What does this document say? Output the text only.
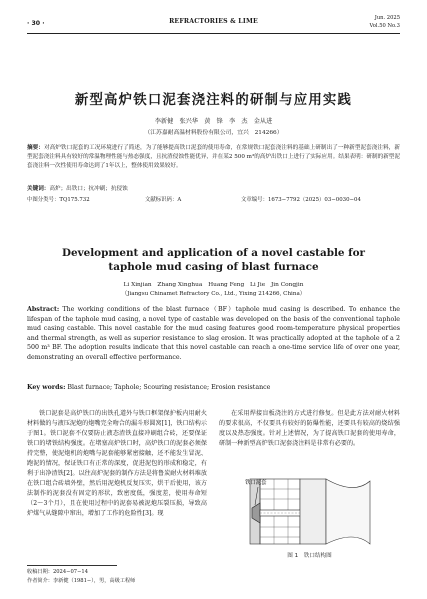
· 30 ·	REFRACTORIES & LIME	Jun. 2025
Vol.50 No.3
新型高炉铁口泥套浇注料的研制与应用实践
李新健　张兴华　黄　锋　李　杰　金从进
（江苏嘉耐高温材料股份有限公司，宜兴　214266）
摘要：对高炉铁口泥套的工况环境进行了简述，为了能够提高铁口泥套的使用寿命，在常规铁口泥套浇注料的基础上研制出了一种新型泥套浇注料，新型泥套浇注料具有较好的常温物理性能与热态强度，且抗渣侵蚀性能优异，并在某2 500 m³的高炉出铁口上进行了实际应用。结果表明：研制的新型泥套浇注料一次性使用寿命达到了1年以上，整体使用效果较好。
关键词：高炉；出铁口；抗冲刷；抗侵蚀
中图分类号：TQ175.732	文献标识码：A	文章编号：1673−7792（2025）03−0030−04
Development and application of a novel castable for
taphole mud casing of blast furnace
Li Xinjian　Zhang Xinghua　Huang Feng　Li Jie　Jin Congjin
（Jiangsu Chinamet Refractory Co., Ltd., Yixing 214266, China）
Abstract: The working conditions of the blast furnace（BF）taphole mud casing is described. To enhance the lifespan of the taphole mud casing, a novel type of castable was developed on the basis of the conventional taphole mud casing castable. This novel castable for the mud casing features good room-temperature physical properties and thermal strength, as well as superior resistance to slag erosion. It was practically adopted at the taphole of a 2 500 m³ BF. The adoption results indicate that this novel castable can reach a one-time service life of over one year, demonstrating an overall effective performance.
Key words: Blast furnace; Taphole; Scouring resistance; Erosion resistance

铁口泥套是高炉铁口的出铁孔道外与铁口框架保护板内用耐火材料做的与液压泥炮的炮嘴完全吻合的漏斗形圆窝[1]，铁口结构示于图1。铁口泥套不仅要防止液态渣铁直接冲刷组合砖，还要保证铁口的堵铁结构强度。在堵塞高炉铁口时，高炉铁口的泥套必须保持完整，使泥炮机的炮嘴与泥套能够紧密接触，还不能发生冒泥、跑泥的情况，保证铁口有正常的深度，促进泥包的形成和稳定，有利于出净渣铁[2]。以往高炉泥套的制作方法是将鲁炭耐火材料堆放在铁口组合砖墙外壁，然后用泥炮机反复压实，烘干后使用，该方法制作的泥套没有固定的形状，致密度低，强度差，使用寿命短（2～3个月），且在使用过程中的泥套易被泥炮压裂压损，导致高炉煤气从缝隙中窜出，增加了工作的危险性[3]。现

在采用焊接盲板浇注的方式进行修复。但是此方法对耐火材料的要求很高，不仅要具有较好的防爆性能，还要具有较高的烧结强度以及热态强度。针对上述情况，为了提高铁口泥套的使用寿命，研制一种新型高炉铁口泥套浇注料是非常有必要的。

铁口泥套
图 1　铁口结构图
收稿日期：2024−07−14
作者简介：李新健（1981−），男，高级工程师
